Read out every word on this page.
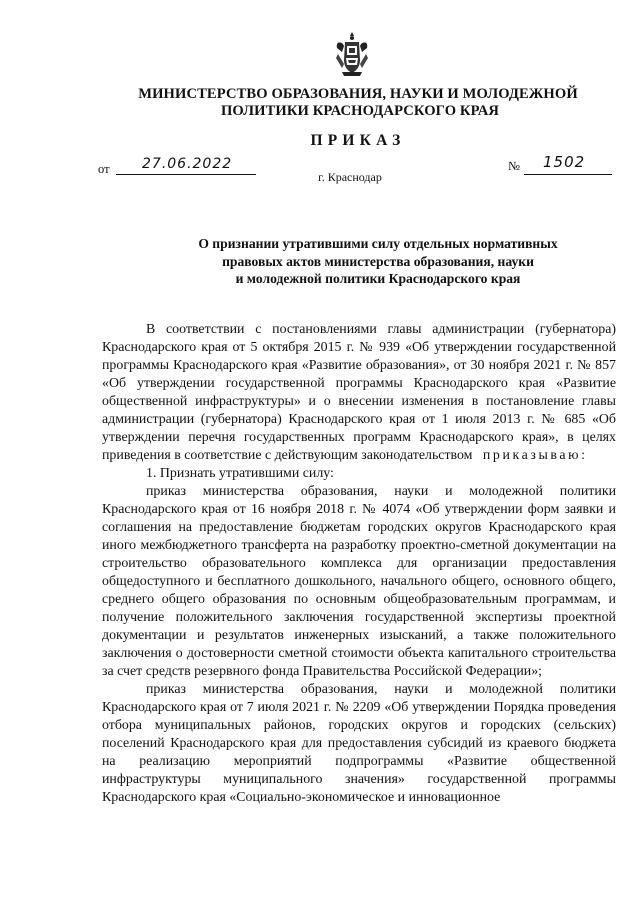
МИНИСТЕРСТВО ОБРАЗОВАНИЯ, НАУКИ И МОЛОДЕЖНОЙ
ПОЛИТИКИ КРАСНОДАРСКОГО КРАЯ
ПРИКАЗ
от 27.06.2022	№ 1502
г. Краснодар
О признании утратившими силу отдельных нормативных
правовых актов министерства образования, науки
и молодежной политики Краснодарского края

В соответствии с постановлениями главы администрации (губернатора) Краснодарского края от 5 октября 2015 г. № 939 «Об утверждении государственной программы Краснодарского края «Развитие образования», от 30 ноября 2021 г. № 857 «Об утверждении государственной программы Краснодарского края «Развитие общественной инфраструктуры» и о внесении изменения в постановление главы администрации (губернатора) Краснодарского края от 1 июля 2013 г. № 685 «Об утверждении перечня государственных программ Краснодарского края», в целях приведения в соответствие с действующим законодательством приказываю:

1. Признать утратившими силу:

приказ министерства образования, науки и молодежной политики Краснодарского края от 16 ноября 2018 г. № 4074 «Об утверждении форм заявки и соглашения на предоставление бюджетам городских округов Краснодарского края иного межбюджетного трансферта на разработку проектно-сметной документации на строительство образовательного комплекса для организации предоставления общедоступного и бесплатного дошкольного, начального общего, основного общего, среднего общего образования по основным общеобразовательным программам, и получение положительного заключения государственной экспертизы проектной документации и результатов инженерных изысканий, а также положительного заключения о достоверности сметной стоимости объекта капитального строительства за счет средств резервного фонда Правительства Российской Федерации»;

приказ министерства образования, науки и молодежной политики Краснодарского края от 7 июля 2021 г. № 2209 «Об утверждении Порядка проведения отбора муниципальных районов, городских округов и городских (сельских) поселений Краснодарского края для предоставления субсидий из краевого бюджета на реализацию мероприятий подпрограммы «Развитие общественной инфраструктуры муниципального значения» государственной программы Краснодарского края «Социально-экономическое и инновационное
